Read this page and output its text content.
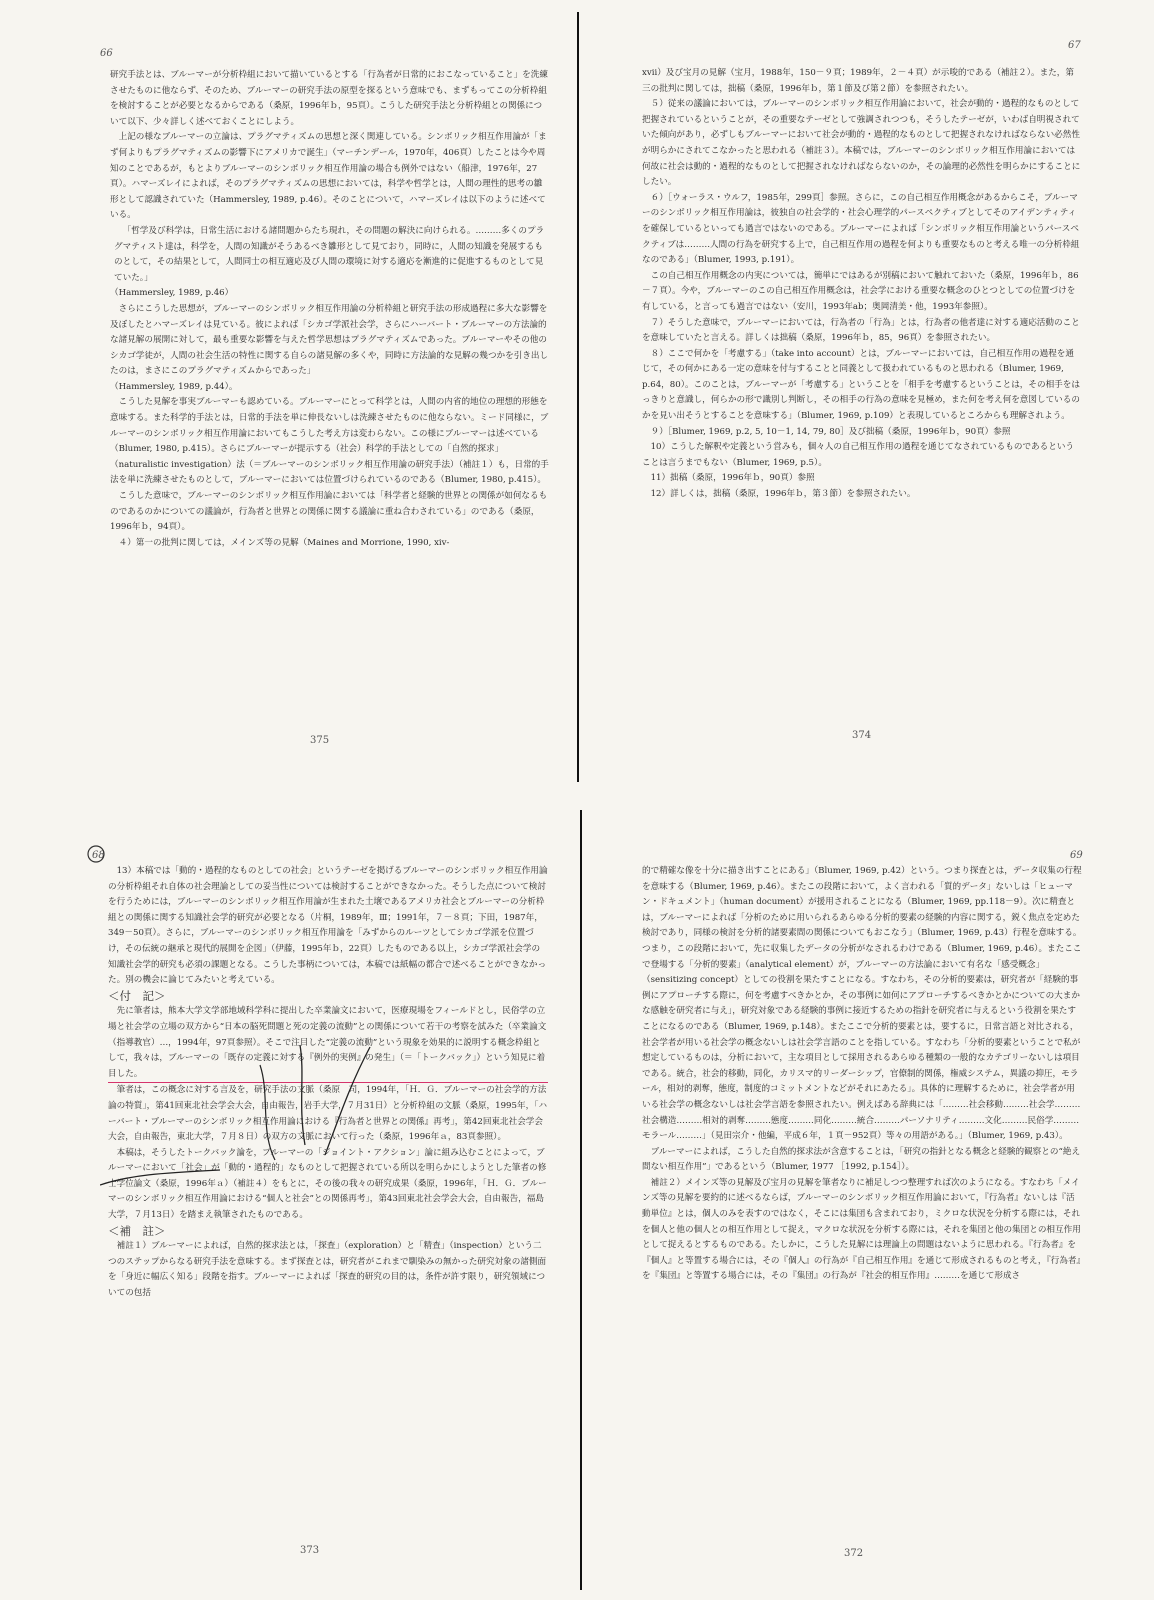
66

研究手法とは、ブルーマーが分析枠組において描いているとする「行為者が日常的におこなっていること」を洗練させたものに他ならず、そのため、ブルーマーの研究手法の原型を探るという意味でも、まずもってこの分析枠組を検討することが必要となるからである（桑原，1996年ｂ，95頁）。こうした研究手法と分析枠組との関係について以下、少々詳しく述べておくことにしよう。

上記の様なブルーマーの立論は、プラグマティズムの思想と深く関連している。シンボリック相互作用論が「まず何よりもプラグマティズムの影響下にアメリカで誕生」（マーチンデール，1970年，406頁）したことは今や周知のことであるが，もとよりブルーマーのシンボリック相互作用論の場合も例外ではない（船津，1976年，27頁）。ハマーズレイによれば，そのプラグマティズムの思想においては，科学や哲学とは，人間の理性的思考の雛形として認識されていた（Hammersley, 1989, p.46）。そのことについて，ハマーズレイは以下のように述べている。

「哲学及び科学は，日常生活における諸問題からたち現れ，その問題の解決に向けられる。………多くのプラグマティスト達は，科学を，人間の知識がそうあるべき雛形として見ており，同時に，人間の知識を発展するものとして，その結果として，人間同士の相互適応及び人間の環境に対する適応を漸進的に促進するものとして見ていた。」

（Hammersley, 1989, p.46）

さらにこうした思想が，ブルーマーのシンボリック相互作用論の分析枠組と研究手法の形成過程に多大な影響を及ぼしたとハマーズレイは見ている。彼によれば「シカゴ学派社会学，さらにハーバート・ブルーマーの方法論的な諸見解の展開に対して，最も重要な影響を与えた哲学思想はプラグマティズムであった。ブルーマーやその他のシカゴ学徒が，人間の社会生活の特性に関する自らの諸見解の多くや，同時に方法論的な見解の幾つかを引き出したのは，まさにこのプラグマティズムからであった」

（Hammersley, 1989, p.44）。

こうした見解を事実ブルーマーも認めている。ブルーマーにとって科学とは，人間の内省的地位の理想的形態を意味する。また科学的手法とは，日常的手法を単に伸長ないしは洗練させたものに他ならない。ミード同様に，ブルーマーのシンボリック相互作用論においてもこうした考え方は変わらない。この様にブルーマーは述べている（Blumer, 1980, p.415）。さらにブルーマーが提示する（社会）科学的手法としての「自然的探求」（naturalistic investigation）法（＝ブルーマーのシンボリック相互作用論の研究手法）（補註１）も，日常的手法を単に洗練させたものとして，ブルーマーにおいては位置づけられているのである（Blumer, 1980, p.415）。

こうした意味で，ブルーマーのシンボリック相互作用論においては「科学者と経験的世界との関係が如何なるものであるのかについての議論が，行為者と世界との関係に関する議論に重ね合わされている」のである（桑原，1996年ｂ，94頁）。

４）第一の批判に関しては，メインズ等の見解（Maines and Morrione, 1990, xiv-

375
67

xvii）及び宝月の見解（宝月，1988年，150－９頁；1989年，２－４頁）が示唆的である（補註２）。また，第三の批判に関しては，拙稿（桑原，1996年ｂ，第１節及び第２節）を参照されたい。

５）従来の議論においては，ブルーマーのシンボリック相互作用論において，社会が動的・過程的なものとして把握されているということが，その重要なテーゼとして強調されつつも，そうしたテーゼが，いわば自明視されていた傾向があり，必ずしもブルーマーにおいて社会が動的・過程的なものとして把握されなければならない必然性が明らかにされてこなかったと思われる（補註３）。本稿では，ブルーマーのシンボリック相互作用論においては何故に社会は動的・過程的なものとして把握されなければならないのか，その論理的必然性を明らかにすることにしたい。

６）［ウォーラス・ウルフ，1985年，299頁］参照。さらに，この自己相互作用概念があるからこそ，ブルーマーのシンボリック相互作用論は，彼独自の社会学的・社会心理学的パースペクティブとしてそのアイデンティティを確保しているといっても過言ではないのである。ブルーマーによれば「シンボリック相互作用論というパースペクティブは………人間の行為を研究する上で，自己相互作用の過程を何よりも重要なものと考える唯一の分析枠組なのである」（Blumer, 1993, p.191）。

この自己相互作用概念の内実については，簡単にではあるが別稿において触れておいた（桑原，1996年ｂ，86－７頁）。今や，ブルーマーのこの自己相互作用概念は，社会学における重要な概念のひとつとしての位置づけを有している，と言っても過言ではない（安川，1993年ab；奥岡清美・他，1993年参照）。

７）そうした意味で，ブルーマーにおいては，行為者の「行為」とは，行為者の他者達に対する適応活動のことを意味していたと言える。詳しくは拙稿（桑原，1996年ｂ，85，96頁）を参照されたい。

８）ここで何かを「考慮する」（take into account）とは，ブルーマーにおいては，自己相互作用の過程を通じて，その何かにある一定の意味を付与することと同義として扱われているものと思われる（Blumer, 1969, p.64，80）。このことは，ブルーマーが「考慮する」ということを「相手を考慮するということは，その相手をはっきりと意識し，何らかの形で識別し判断し，その相手の行為の意味を見極め，また何を考え何を意図しているのかを見い出そうとすることを意味する」（Blumer, 1969, p.109）と表現しているところからも理解されよう。

９）［Blumer, 1969, p.2, 5, 10－1, 14, 79, 80］及び拙稿（桑原，1996年ｂ，90頁）参照

10）こうした解釈や定義という営みも，個々人の自己相互作用の過程を通じてなされているものであるということは言うまでもない（Blumer, 1969, p.5）。

11）拙稿（桑原，1996年ｂ，90頁）参照

12）詳しくは，拙稿（桑原，1996年ｂ，第３節）を参照されたい。

374
68

13）本稿では「動的・過程的なものとしての社会」というテーゼを掲げるブルーマーのシンボリック相互作用論の分析枠組それ自体の社会理論としての妥当性については検討することができなかった。そうした点について検討を行うためには，ブルーマーのシンボリック相互作用論が生まれた土壌であるアメリカ社会とブルーマーの分析枠組との関係に関する知識社会学的研究が必要となる（片桐，1989年，Ⅲ；1991年，７－８頁；下田，1987年，349－50頁）。さらに，ブルーマーのシンボリック相互作用論を「みずからのルーツとしてシカゴ学派を位置づけ，その伝統の継承と現代的展開を企図」（伊藤，1995年ｂ，22頁）したものである以上，シカゴ学派社会学の知識社会学的研究も必須の課題となる。こうした事柄については，本稿では紙幅の都合で述べることができなかった。別の機会に論じてみたいと考えている。

＜付　記＞

先に筆者は，熊本大学文学部地域科学科に提出した卒業論文において，医療現場をフィールドとし，民俗学の立場と社会学の立場の双方から“日本の脳死問題と死の定義の流動”との関係について若干の考察を試みた（卒業論文（指導教官）…，1994年，97頁参照）。そこで注目した“定義の流動”という現象を効果的に説明する概念枠組として，我々は，ブルーマーの「既存の定義に対する『例外的実例』の発生」（＝「トークバック」）という知見に着目した。

筆者は，この概念に対する言及を，研究手法の文脈（桑原　司，1994年，「Ｈ．Ｇ．ブルーマーの社会学的方法論の特質」，第41回東北社会学会大会，自由報告，岩手大学，７月31日）と分析枠組の文脈（桑原，1995年，「ハーバート・ブルーマーのシンボリック相互作用論における『行為者と世界との関係』再考」，第42回東北社会学会大会，自由報告，東北大学，７月８日）の双方の文脈において行った（桑原，1996年ａ，83頁参照）。

本稿は，そうしたトークバック論を，ブルーマーの「ジョイント・アクション」論に組み込むことによって，ブルーマーにおいて「社会」が「動的・過程的」なものとして把握されている所以を明らかにしようとした筆者の修士学位論文（桑原，1996年ａ）（補註４）をもとに，その後の我々の研究成果（桑原，1996年，「Ｈ．Ｇ．ブルーマーのシンボリック相互作用論における“個人と社会”との関係再考」，第43回東北社会学会大会，自由報告，福島大学，７月13日）を踏まえ執筆されたものである。

＜補　註＞

補註１）ブルーマーによれば，自然的探求法とは，「探査」（exploration）と「精査」（inspection）という二つのステップからなる研究手法を意味する。まず探査とは，研究者がこれまで馴染みの無かった研究対象の諸側面を「身近に幅広く知る」段階を指す。ブルーマーによれば「探査的研究の目的は，条件が許す限り，研究領域についての包括

373
69

的で精確な像を十分に描き出すことにある」（Blumer, 1969, p.42）という。つまり探査とは，データ収集の行程を意味する（Blumer, 1969, p.46）。またこの段階において，よく言われる「質的データ」ないしは「ヒューマン・ドキュメント」（human document）が援用されることになる（Blumer, 1969, pp.118－9）。次に精査とは，ブルーマーによれば「分析のために用いられるあらゆる分析的要素の経験的内容に関する，鋭く焦点を定めた検討であり，同様の検討を分析的諸要素間の関係についてもおこなう」（Blumer, 1969, p.43）行程を意味する。つまり，この段階において，先に収集したデータの分析がなされるわけである（Blumer, 1969, p.46）。またここで登場する「分析的要素」（analytical element）が，ブルーマーの方法論において有名な「感受概念」（sensitizing concept）としての役割を果たすことになる。すなわち，その分析的要素は，研究者が「経験的事例にアプローチする際に，何を考慮すべきかとか，その事例に如何にアプローチするべきかとかについての大まかな感触を研究者に与え」，研究対象である経験的事例に接近するための指針を研究者に与えるという役割を果たすことになるのである（Blumer, 1969, p.148）。またここで分析的要素とは，要するに，日常言語と対比される，社会学者が用いる社会学の概念ないしは社会学言語のことを指している。すなわち「分析的要素ということで私が想定しているものは，分析において，主な項目として採用されるあらゆる種類の一般的なカテゴリーないしは項目である。統合，社会的移動，同化，カリスマ的リーダーシップ，官僚制的関係，権威システム，異議の抑圧，モラール，相対的剥奪，態度，制度的コミットメントなどがそれにあたる」。具体的に理解するために，社会学者が用いる社会学の概念ないしは社会学言語を参照されたい。例えばある辞典には「………社会移動………社会学………社会構造………相対的剥奪………態度………同化………統合………パーソナリティ………文化………民俗学………モラール………」（見田宗介・他編，平成６年，１頁－952頁）等々の用語がある。」（Blumer, 1969, p.43）。

ブルーマーによれば，こうした自然的探求法が含意することは，「研究の指針となる概念と経験的観察との“絶え間ない相互作用”」であるという（Blumer, 1977 ［1992, p.154］）。

補註２）メインズ等の見解及び宝月の見解を筆者なりに補足しつつ整理すれば次のようになる。すなわち「メインズ等の見解を要約的に述べるならば，ブルーマーのシンボリック相互作用論において，『行為者』ないしは『活動単位』とは，個人のみを表すのではなく，そこには集団も含まれており，ミクロな状況を分析する際には，それを個人と他の個人との相互作用として捉え，マクロな状況を分析する際には，それを集団と他の集団との相互作用として捉えるとするものである。たしかに，こうした見解には理論上の問題はないように思われる。『行為者』を『個人』と等置する場合には，その『個人』の行為が『自己相互作用』を通じて形成されるものと考え，『行為者』を『集団』と等置する場合には，その『集団』の行為が『社会的相互作用』………を通じて形成さ

372
